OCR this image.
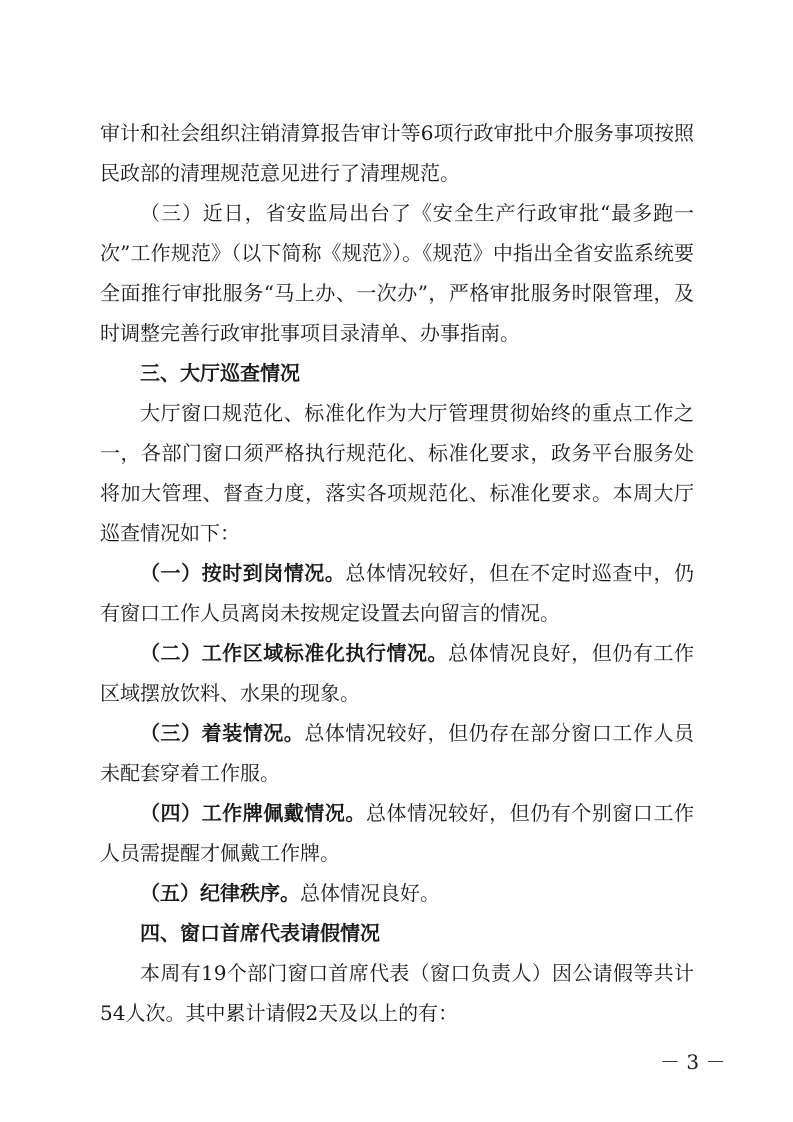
审计和社会组织注销清算报告审计等6项行政审批中介服务事项按照民政部的清理规范意见进行了清理规范。

（三）近日，省安监局出台了《安全生产行政审批“最多跑一次”工作规范》（以下简称《规范》）。《规范》中指出全省安监系统要全面推行审批服务“马上办、一次办”，严格审批服务时限管理，及时调整完善行政审批事项目录清单、办事指南。

三、大厅巡查情况

大厅窗口规范化、标准化作为大厅管理贯彻始终的重点工作之一，各部门窗口须严格执行规范化、标准化要求，政务平台服务处将加大管理、督查力度，落实各项规范化、标准化要求。本周大厅巡查情况如下：

（一）按时到岗情况。总体情况较好，但在不定时巡查中，仍有窗口工作人员离岗未按规定设置去向留言的情况。

（二）工作区域标准化执行情况。总体情况良好，但仍有工作区域摆放饮料、水果的现象。

（三）着装情况。总体情况较好，但仍存在部分窗口工作人员未配套穿着工作服。

（四）工作牌佩戴情况。总体情况较好，但仍有个别窗口工作人员需提醒才佩戴工作牌。

（五）纪律秩序。总体情况良好。

四、窗口首席代表请假情况

本周有19个部门窗口首席代表（窗口负责人）因公请假等共计54人次。其中累计请假2天及以上的有：

－ 3 －
